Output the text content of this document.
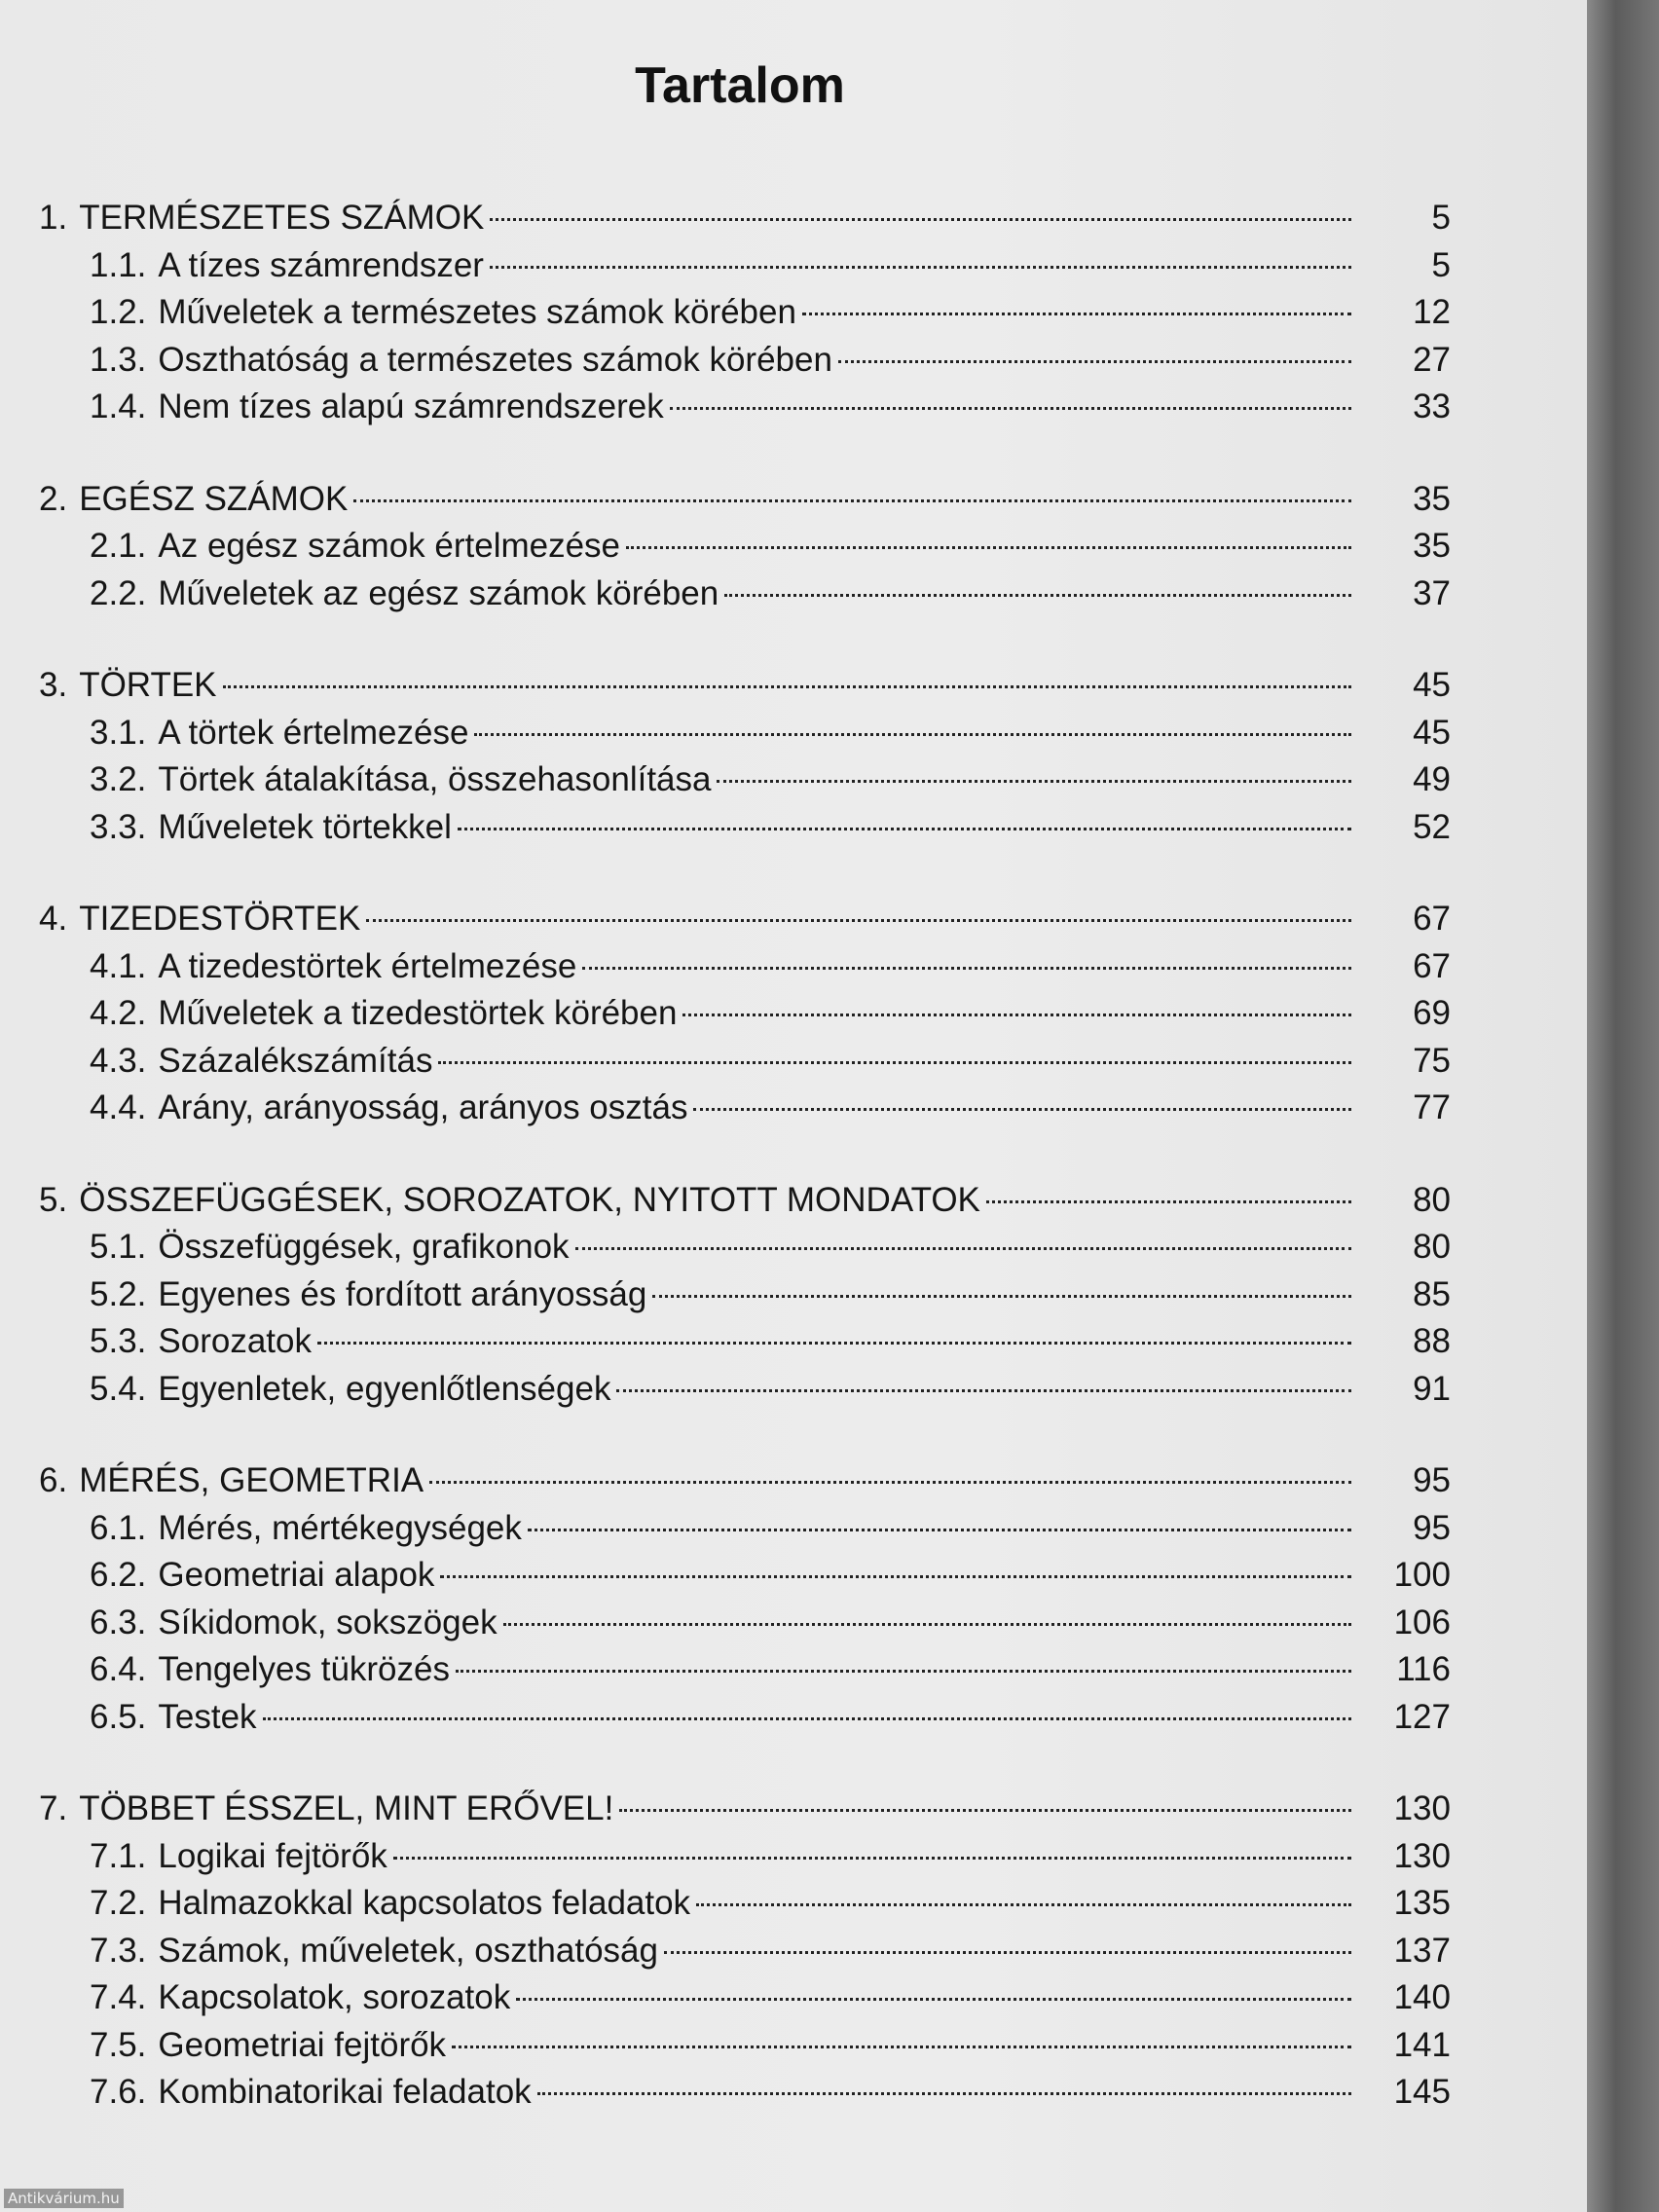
Tartalom
1. TERMÉSZETES SZÁMOK	5
1.1. A tízes számrendszer	5
1.2. Műveletek a természetes számok körében	12
1.3. Oszthatóság a természetes számok körében	27
1.4. Nem tízes alapú számrendszerek	33
2. EGÉSZ SZÁMOK	35
2.1. Az egész számok értelmezése	35
2.2. Műveletek az egész számok körében	37
3. TÖRTEK	45
3.1. A törtek értelmezése	45
3.2. Törtek átalakítása, összehasonlítása	49
3.3. Műveletek törtekkel	52
4. TIZEDESTÖRTEK	67
4.1. A tizedestörtek értelmezése	67
4.2. Műveletek a tizedestörtek körében	69
4.3. Százalékszámítás	75
4.4. Arány, arányosság, arányos osztás	77
5. ÖSSZEFÜGGÉSEK, SOROZATOK, NYITOTT MONDATOK	80
5.1. Összefüggések, grafikonok	80
5.2. Egyenes és fordított arányosság	85
5.3. Sorozatok	88
5.4. Egyenletek, egyenlőtlenségek	91
6. MÉRÉS, GEOMETRIA	95
6.1. Mérés, mértékegységek	95
6.2. Geometriai alapok	100
6.3. Síkidomok, sokszögek	106
6.4. Tengelyes tükrözés	116
6.5. Testek	127
7. TÖBBET ÉSSZEL, MINT ERŐVEL!	130
7.1. Logikai fejtörők	130
7.2. Halmazokkal kapcsolatos feladatok	135
7.3. Számok, műveletek, oszthatóság	137
7.4. Kapcsolatok, sorozatok	140
7.5. Geometriai fejtörők	141
7.6. Kombinatorikai feladatok	145
Antikvárium.hu
